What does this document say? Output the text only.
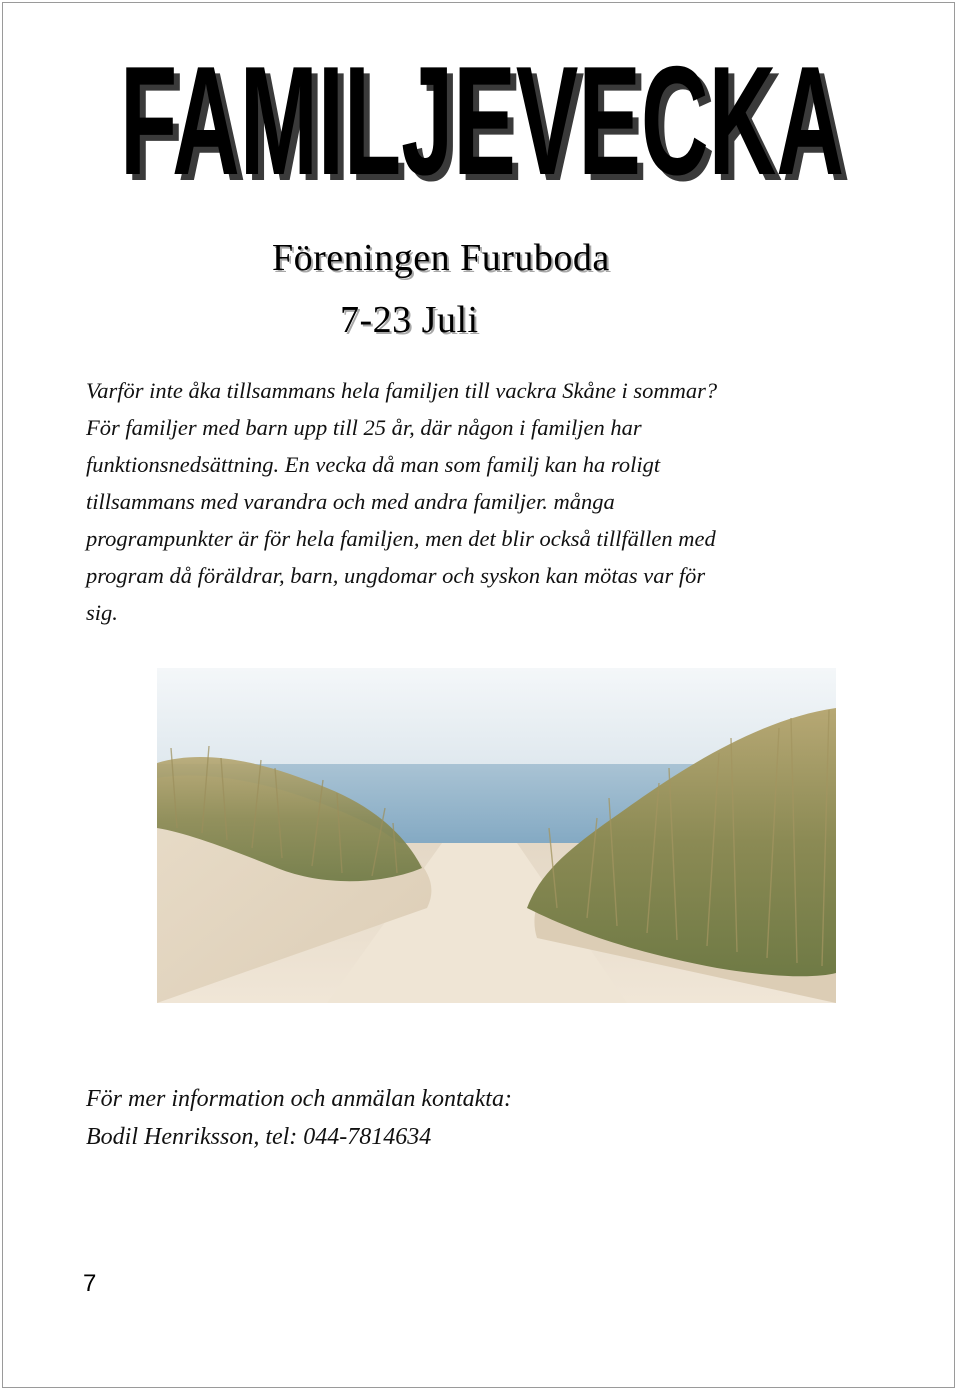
FAMILJEVECKA
FAMILJEVECKA
Föreningen Furuboda
7-23 Juli
Varför inte åka tillsammans hela familjen till vackra Skåne i sommar?
För familjer med barn upp till 25 år, där någon i familjen har
funktionsnedsättning. En vecka då man som familj kan ha roligt
tillsammans med varandra och med andra familjer. många
programpunkter är för hela familjen, men det blir också tillfällen med
program då föräldrar, barn, ungdomar och syskon kan mötas var för
sig.
För mer information och anmälan kontakta:
Bodil Henriksson, tel: 044-7814634
7
